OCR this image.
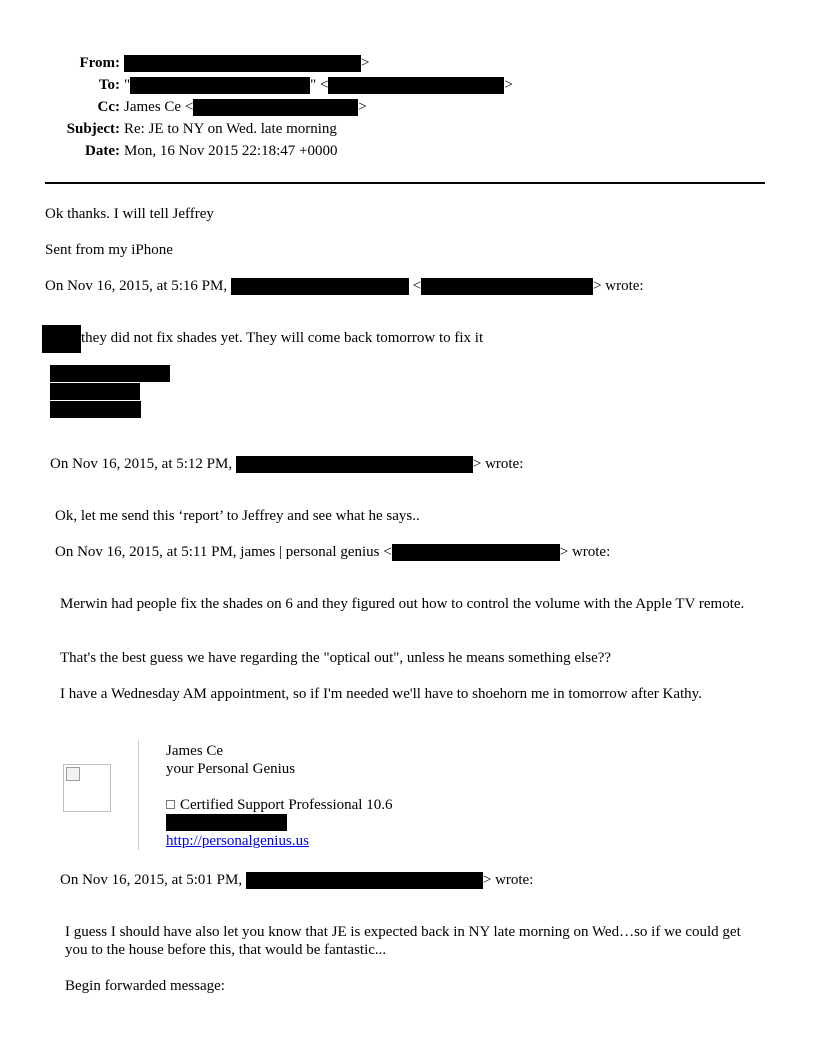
From:	>
To: "	" <	>
Cc: James Ce <	>
Subject: Re: JE to NY on Wed. late morning
Date: Mon, 16 Nov 2015 22:18:47 +0000
Ok thanks. I will tell Jeffrey
Sent from my iPhone
On Nov 16, 2015, at 5:16 PM,	<	> wrote:
they did not fix shades yet. They will come back tomorrow to fix it
On Nov 16, 2015, at 5:12 PM,	> wrote:
Ok, let me send this ‘report’ to Jeffrey and see what he says..
On Nov 16, 2015, at 5:11 PM, james | personal genius <	> wrote:
Merwin had people fix the shades on 6 and they figured out how to control the volume with the Apple TV remote.
That's the best guess we have regarding the "optical out", unless he means something else??
I have a Wednesday AM appointment, so if I'm needed we'll have to shoehorn me in tomorrow after Kathy.
James Ce
your Personal Genius
Certified Support Professional 10.6
http://personalgenius.us
On Nov 16, 2015, at 5:01 PM,	> wrote:
I guess I should have also let you know that JE is expected back in NY late morning on Wed…so if we could get you to the house before this, that would be fantastic...
Begin forwarded message:
